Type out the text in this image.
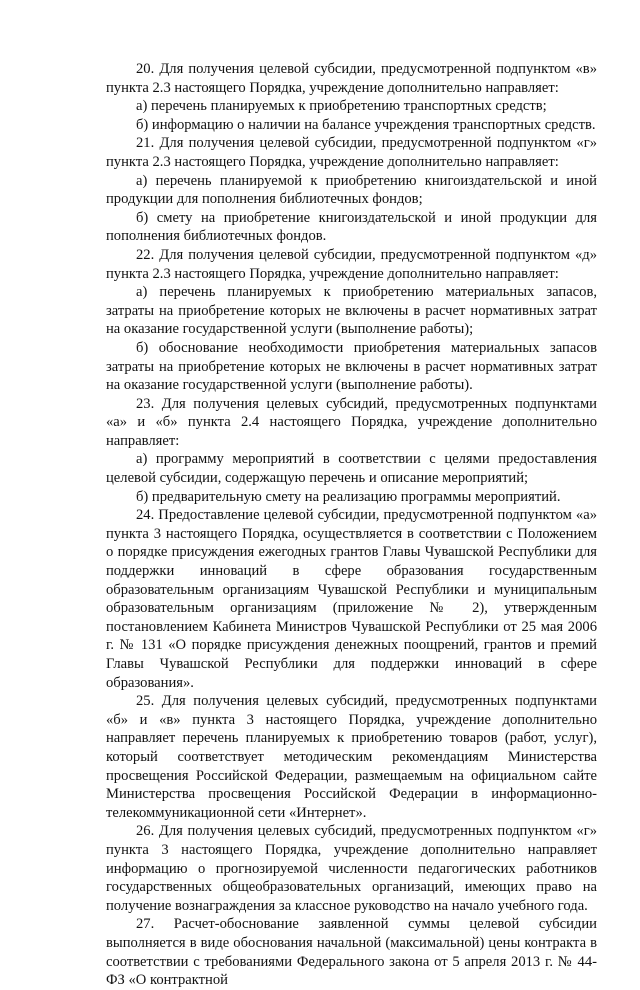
20. Для получения целевой субсидии, предусмотренной подпунктом «в» пункта 2.3 настоящего Порядка, учреждение дополнительно направляет:

а) перечень планируемых к приобретению транспортных средств;

б) информацию о наличии на балансе учреждения транспортных средств.

21. Для получения целевой субсидии, предусмотренной подпунктом «г» пункта 2.3 настоящего Порядка, учреждение дополнительно направляет:

а) перечень планируемой к приобретению книгоиздательской и иной продукции для пополнения библиотечных фондов;

б) смету на приобретение книгоиздательской и иной продукции для пополнения библиотечных фондов.

22. Для получения целевой субсидии, предусмотренной подпунктом «д» пункта 2.3 настоящего Порядка, учреждение дополнительно направляет:

а) перечень планируемых к приобретению материальных запасов, затраты на приобретение которых не включены в расчет нормативных затрат на оказание государственной услуги (выполнение работы);

б) обоснование необходимости приобретения материальных запасов затраты на приобретение которых не включены в расчет нормативных затрат на оказание государственной услуги (выполнение работы).

23. Для получения целевых субсидий, предусмотренных подпунктами «а» и «б» пункта 2.4 настоящего Порядка, учреждение дополнительно направляет:

а) программу мероприятий в соответствии с целями предоставления целевой субсидии, содержащую перечень и описание мероприятий;

б) предварительную смету на реализацию программы мероприятий.

24. Предоставление целевой субсидии, предусмотренной подпунктом «а» пункта 3 настоящего Порядка, осуществляется в соответствии с Положением о порядке присуждения ежегодных грантов Главы Чувашской Республики для поддержки инноваций в сфере образования государственным образовательным организациям Чувашской Республики и муниципальным образовательным организациям (приложение № 2), утвержденным постановлением Кабинета Министров Чувашской Республики от 25 мая 2006 г. № 131 «О порядке присуждения денежных поощрений, грантов и премий Главы Чувашской Республики для поддержки инноваций в сфере образования».

25. Для получения целевых субсидий, предусмотренных подпунктами «б» и «в» пункта 3 настоящего Порядка, учреждение дополнительно направляет перечень планируемых к приобретению товаров (работ, услуг), который соответствует методическим рекомендациям Министерства просвещения Российской Федерации, размещаемым на официальном сайте Министерства просвещения Российской Федерации в информационно-телекоммуникационной сети «Интернет».

26. Для получения целевых субсидий, предусмотренных подпунктом «г» пункта 3 настоящего Порядка, учреждение дополнительно направляет информацию о прогнозируемой численности педагогических работников государственных общеобразовательных организаций, имеющих право на получение вознаграждения за классное руководство на начало учебного года.

27. Расчет-обоснование заявленной суммы целевой субсидии выполняется в виде обоснования начальной (максимальной) цены контракта в соответствии с требованиями Федерального закона от 5 апреля 2013 г. № 44-ФЗ «О контрактной
